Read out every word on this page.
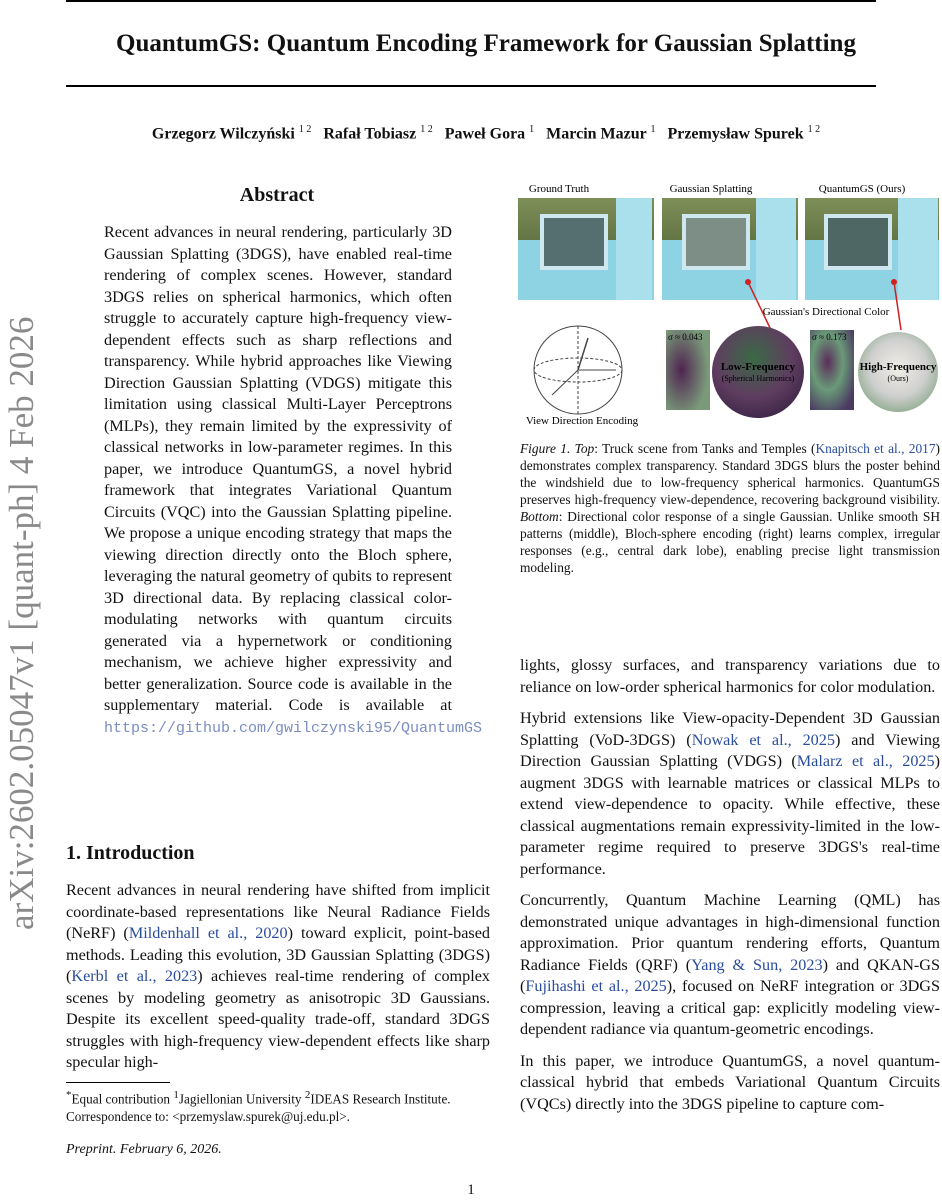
arXiv:2602.05047v1 [quant-ph] 4 Feb 2026
QuantumGS: Quantum Encoding Framework for Gaussian Splatting
Grzegorz Wilczyński $^{1 2}$ Rafał Tobiasz $^{1 2}$ Paweł Gora $^1$ Marcin Mazur $^1$ Przemysław Spurek $^{1 2}$
Abstract
Recent advances in neural rendering, particularly 3D Gaussian Splatting (3DGS), have enabled real-time rendering of complex scenes. However, standard 3DGS relies on spherical harmonics, which often struggle to accurately capture high-frequency view-dependent effects such as sharp reflections and transparency. While hybrid approaches like Viewing Direction Gaussian Splatting (VDGS) mitigate this limitation using classical Multi-Layer Perceptrons (MLPs), they remain limited by the expressivity of classical networks in low-parameter regimes. In this paper, we introduce QuantumGS, a novel hybrid framework that integrates Variational Quantum Circuits (VQC) into the Gaussian Splatting pipeline. We propose a unique encoding strategy that maps the viewing direction directly onto the Bloch sphere, leveraging the natural geometry of qubits to represent 3D directional data. By replacing classical color-modulating networks with quantum circuits generated via a hypernetwork or conditioning mechanism, we achieve higher expressivity and better generalization. Source code is available in the supplementary material. Code is available at https://github.com/gwilczynski95/QuantumGS
Ground Truth	Gaussian Splatting	QuantumGS (Ours)
Gaussian's Directional Color
View Direction Encoding
σ ≈ 0.043
Low-Frequency
(Spherical Harmonics)
σ ≈ 0.173
High-Frequency
(Ours)
Figure 1. Top: Truck scene from Tanks and Temples (Knapitsch et al., 2017) demonstrates complex transparency. Standard 3DGS blurs the poster behind the windshield due to low-frequency spherical harmonics. QuantumGS preserves high-frequency view-dependence, recovering background visibility. Bottom: Directional color response of a single Gaussian. Unlike smooth SH patterns (middle), Bloch-sphere encoding (right) learns complex, irregular responses (e.g., central dark lobe), enabling precise light transmission modeling.

lights, glossy surfaces, and transparency variations due to reliance on low-order spherical harmonics for color modulation.

Hybrid extensions like View-opacity-Dependent 3D Gaussian Splatting (VoD-3DGS) (Nowak et al., 2025) and Viewing Direction Gaussian Splatting (VDGS) (Malarz et al., 2025) augment 3DGS with learnable matrices or classical MLPs to extend view-dependence to opacity. While effective, these classical augmentations remain expressivity-limited in the low-parameter regime required to preserve 3DGS's real-time performance.

Concurrently, Quantum Machine Learning (QML) has demonstrated unique advantages in high-dimensional function approximation. Prior quantum rendering efforts, Quantum Radiance Fields (QRF) (Yang & Sun, 2023) and QKAN-GS (Fujihashi et al., 2025), focused on NeRF integration or 3DGS compression, leaving a critical gap: explicitly modeling view-dependent radiance via quantum-geometric encodings.

In this paper, we introduce QuantumGS, a novel quantum-classical hybrid that embeds Variational Quantum Circuits (VQCs) directly into the 3DGS pipeline to capture com-

1. Introduction
Recent advances in neural rendering have shifted from implicit coordinate-based representations like Neural Radiance Fields (NeRF) (Mildenhall et al., 2020) toward explicit, point-based methods. Leading this evolution, 3D Gaussian Splatting (3DGS) (Kerbl et al., 2023) achieves real-time rendering of complex scenes by modeling geometry as anisotropic 3D Gaussians. Despite its excellent speed-quality trade-off, standard 3DGS struggles with high-frequency view-dependent effects like sharp specular high-
*Equal contribution $^1$Jagiellonian University $^2$IDEAS Research Institute. Correspondence to: <przemyslaw.spurek@uj.edu.pl>.
Preprint. February 6, 2026.
1
